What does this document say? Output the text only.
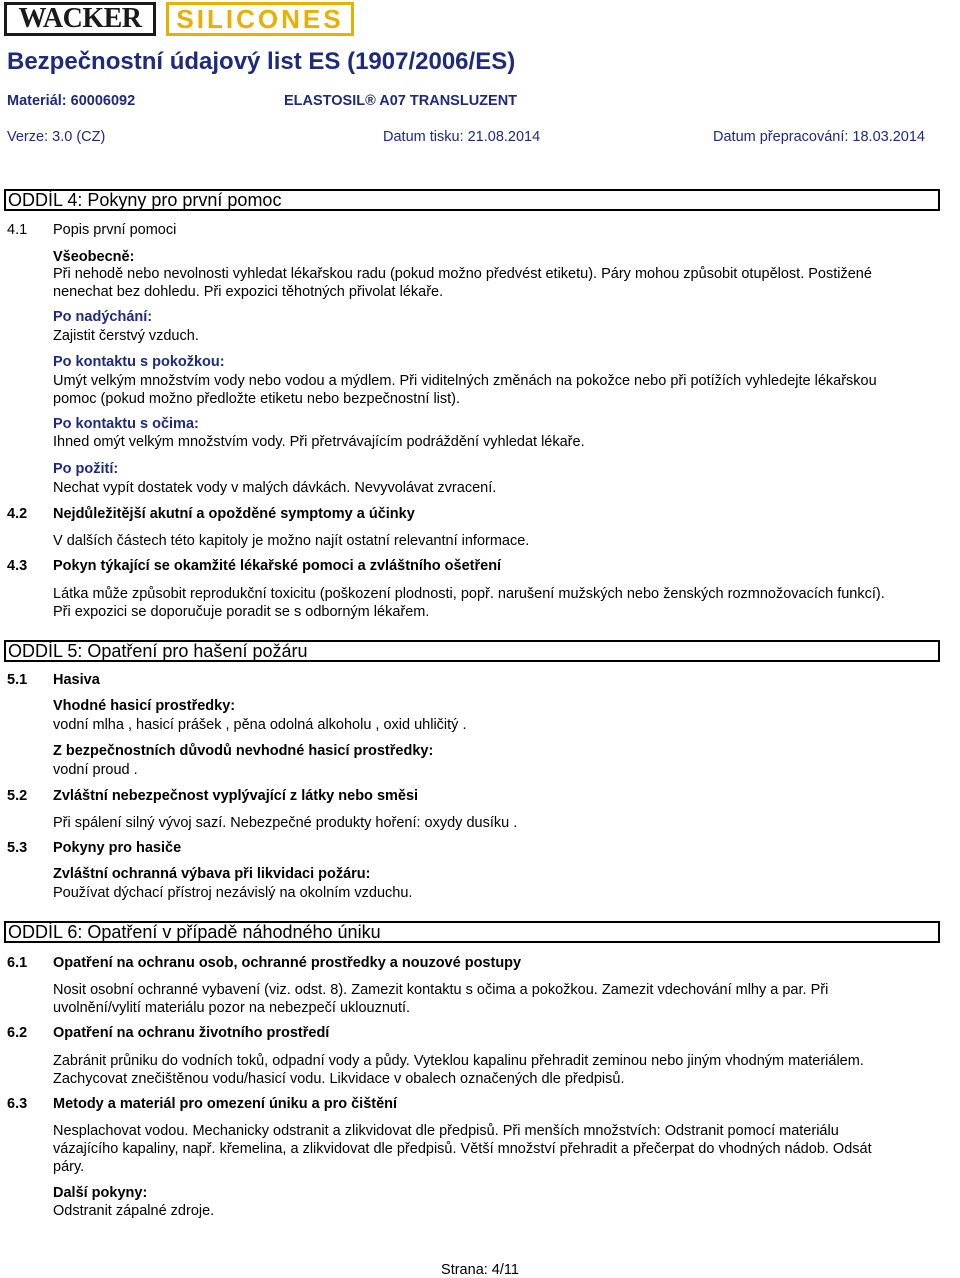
WACKER	SILICONES
Bezpečnostní údajový list ES (1907/2006/ES)
Materiál: 60006092	ELASTOSIL® A07 TRANSLUZENT
Verze: 3.0 (CZ)	Datum tisku: 21.08.2014	Datum přepracování: 18.03.2014
ODDÍL 4: Pokyny pro první pomoc
4.1 Popis první pomoci
Všeobecně:
Při nehodě nebo nevolnosti vyhledat lékařskou radu (pokud možno předvést etiketu). Páry mohou způsobit otupělost. Postižené
nenechat bez dohledu. Při expozici těhotných přivolat lékaře.
Po nadýchání:
Zajistit čerstvý vzduch.
Po kontaktu s pokožkou:
Umýt velkým množstvím vody nebo vodou a mýdlem. Při viditelných změnách na pokožce nebo při potížích vyhledejte lékařskou
pomoc (pokud možno předložte etiketu nebo bezpečnostní list).
Po kontaktu s očima:
Ihned omýt velkým množstvím vody. Při přetrvávajícím podráždění vyhledat lékaře.
Po požití:
Nechat vypít dostatek vody v malých dávkách. Nevyvolávat zvracení.
4.2 Nejdůležitější akutní a opožděné symptomy a účinky
V dalších částech této kapitoly je možno najít ostatní relevantní informace.
4.3 Pokyn týkající se okamžité lékařské pomoci a zvláštního ošetření
Látka může způsobit reprodukční toxicitu (poškození plodnosti, popř. narušení mužských nebo ženských rozmnožovacích funkcí).
Při expozici se doporučuje poradit se s odborným lékařem.
ODDÍL 5: Opatření pro hašení požáru
5.1 Hasiva
Vhodné hasicí prostředky:
vodní mlha , hasicí prášek , pěna odolná alkoholu , oxid uhličitý .
Z bezpečnostních důvodů nevhodné hasicí prostředky:
vodní proud .
5.2 Zvláštní nebezpečnost vyplývající z látky nebo směsi
Při spálení silný vývoj sazí. Nebezpečné produkty hoření: oxydy dusíku .
5.3 Pokyny pro hasiče
Zvláštní ochranná výbava při likvidaci požáru:
Používat dýchací přístroj nezávislý na okolním vzduchu.
ODDÍL 6: Opatření v případě náhodného úniku
6.1 Opatření na ochranu osob, ochranné prostředky a nouzové postupy
Nosit osobní ochranné vybavení (viz. odst. 8). Zamezit kontaktu s očima a pokožkou. Zamezit vdechování mlhy a par. Při
uvolnění/vylití materiálu pozor na nebezpečí uklouznutí.
6.2 Opatření na ochranu životního prostředí
Zabránit průniku do vodních toků, odpadní vody a půdy. Vyteklou kapalinu přehradit zeminou nebo jiným vhodným materiálem.
Zachycovat znečištěnou vodu/hasicí vodu. Likvidace v obalech označených dle předpisů.
6.3 Metody a materiál pro omezení úniku a pro čištění
Nesplachovat vodou. Mechanicky odstranit a zlikvidovat dle předpisů. Při menších množstvích: Odstranit pomocí materiálu
vázajícího kapaliny, např. křemelina, a zlikvidovat dle předpisů. Větší množství přehradit a přečerpat do vhodných nádob. Odsát
páry.
Další pokyny:
Odstranit zápalné zdroje.
Strana: 4/11
